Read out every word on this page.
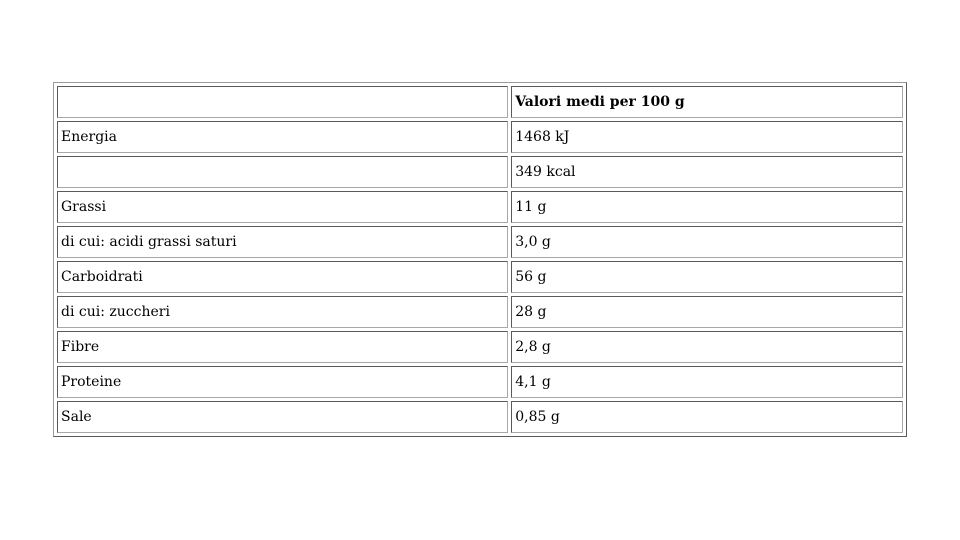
	Valori medi per 100 g
Energia	1468 kJ
	349 kcal
Grassi	11 g
di cui: acidi grassi saturi	3,0 g
Carboidrati	56 g
di cui: zuccheri	28 g
Fibre	2,8 g
Proteine	4,1 g
Sale	0,85 g
